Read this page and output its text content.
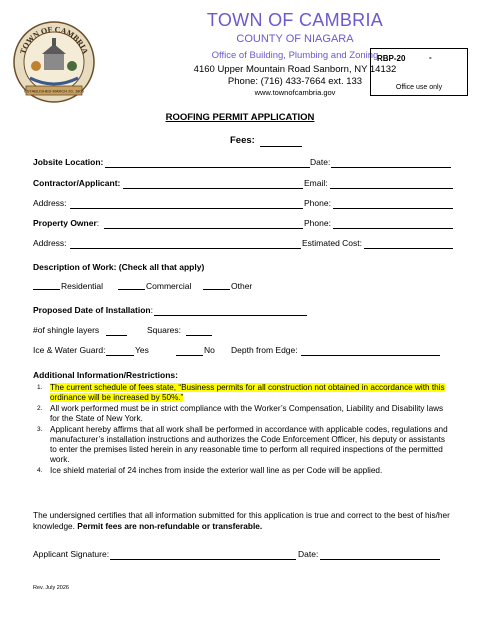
TOWN OF CAMBRIA
ESTABLISHED MARCH 20, 1808
TOWN OF CAMBRIA
COUNTY OF NIAGARA
Office of Building, Plumbing and Zoning
4160 Upper Mountain Road Sanborn, NY 14132
Phone: (716) 433-7664 ext. 133
www.townofcambria.gov
RBP-20	-
Office use only
ROOFING PERMIT APPLICATION
Fees:
Jobsite Location:	Date:
Contractor/Applicant:	Email:
Address:	Phone:
Property Owner:	Phone:
Address:	Estimated Cost:
Description of Work: (Check all that apply)
Residential	Commercial	Other
Proposed Date of Installation:
#of shingle layers	Squares:
Ice & Water Guard:	Yes	No Depth from Edge:
Additional Information/Restrictions:
1. The current schedule of fees state, “Business permits for all construction not obtained in accordance with this ordinance will be increased by 50%.”
2. All work performed must be in strict compliance with the Worker’s Compensation, Liability and Disability laws for the State of New York.
3. Applicant hereby affirms that all work shall be performed in accordance with applicable codes, regulations and manufacturer’s installation instructions and authorizes the Code Enforcement Officer, his deputy or assistants to enter the premises listed herein in any reasonable time to perform all required inspections of the permitted work.
4. Ice shield material of 24 inches from inside the exterior wall line as per Code will be applied.
The undersigned certifies that all information submitted for this application is true and correct to the best of his/her knowledge. Permit fees are non-refundable or transferable.
Applicant Signature:	Date:
Rev. July 2026
